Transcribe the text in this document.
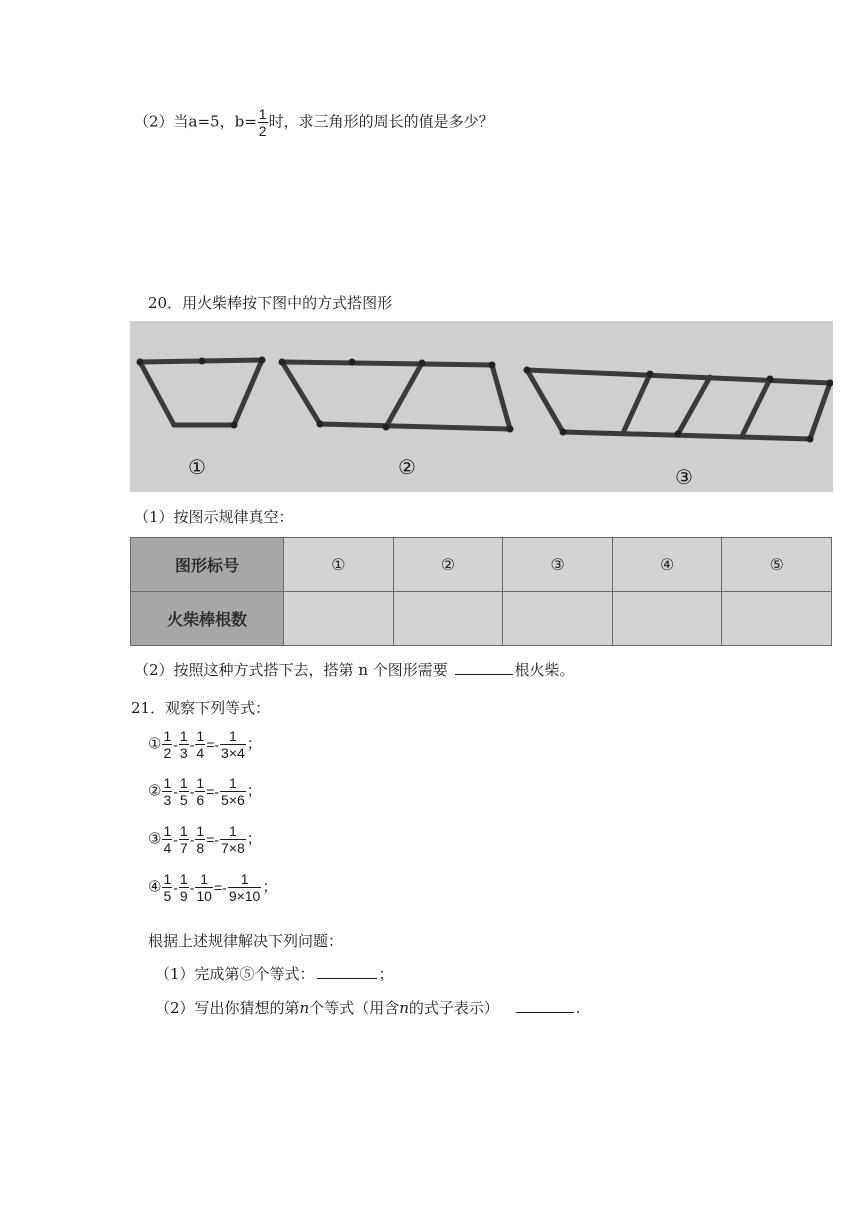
（2）当a=5，$b= \frac{1}{2}$ 时，求三角形的周长的值是多少？
20．用火柴棒按下图中的方式搭图形
①	②	③
（1）按图示规律真空：
图形标号	①	②	③	④	⑤
火柴棒根数					
（2）按照这种方式搭下去，搭第 n 个图形需要	根火柴。
21．观察下列等式：
① $\frac{1}{2} - \frac{1}{3} - \frac{1}{4} =- \frac{1}{3\times 4}$ ；
② $\frac{1}{3} - \frac{1}{5} - \frac{1}{6} =- \frac{1}{5\times 6}$ ；
③ $\frac{1}{4} - \frac{1}{7} - \frac{1}{8} =- \frac{1}{7\times 8}$ ；
④ $\frac{1}{5} - \frac{1}{9} - \frac{1}{10} =- \frac{1}{9\times 10}$ ；
根据上述规律解决下列问题：
（1）完成第⑤个等式：	；
（2）写出你猜想的第n个等式（用含n的式子表示）	.
